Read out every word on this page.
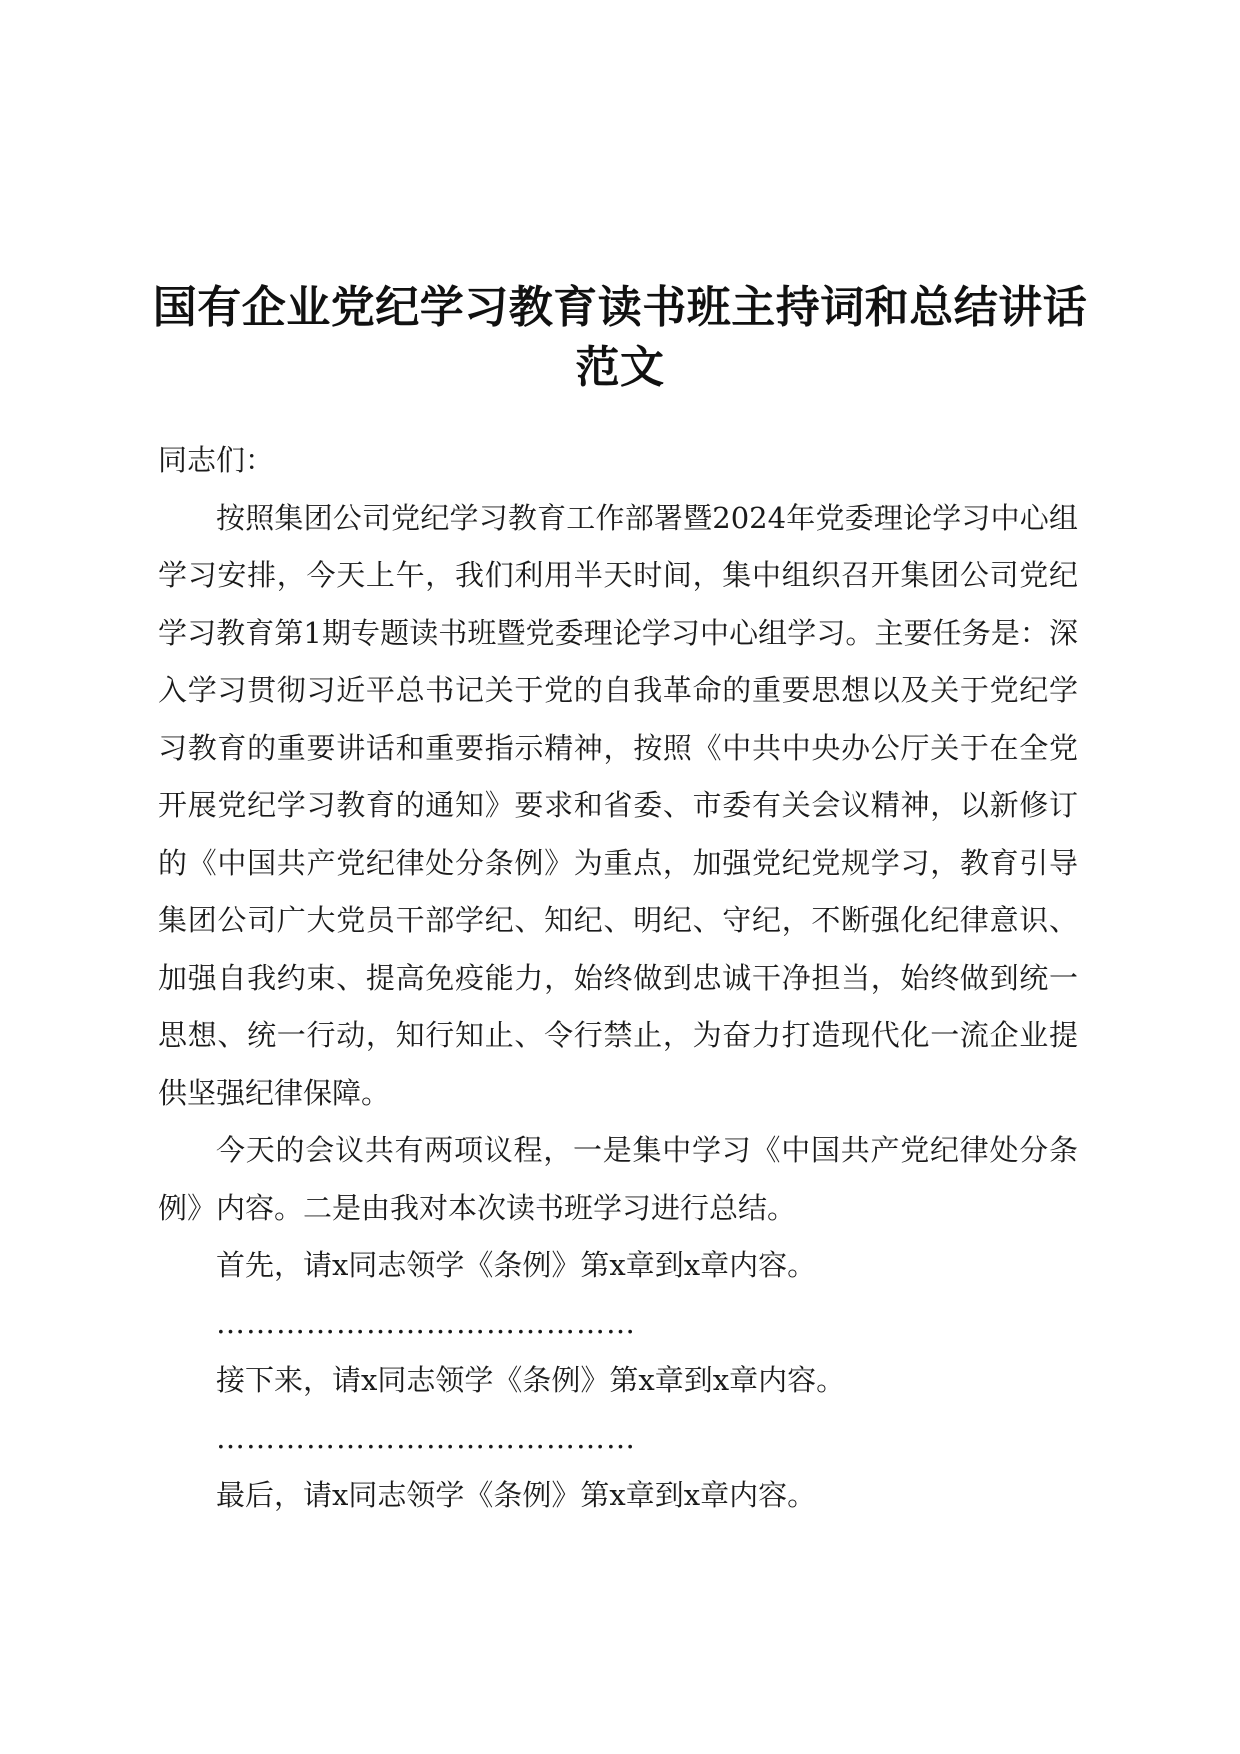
国有企业党纪学习教育读书班主持词和总结讲话范文

同志们：

按照集团公司党纪学习教育工作部署暨2024年党委理论学习中心组学习安排，今天上午，我们利用半天时间，集中组织召开集团公司党纪学习教育第1期专题读书班暨党委理论学习中心组学习。主要任务是：深入学习贯彻习近平总书记关于党的自我革命的重要思想以及关于党纪学习教育的重要讲话和重要指示精神，按照《中共中央办公厅关于在全党开展党纪学习教育的通知》要求和省委、市委有关会议精神，以新修订的《中国共产党纪律处分条例》为重点，加强党纪党规学习，教育引导集团公司广大党员干部学纪、知纪、明纪、守纪，不断强化纪律意识、加强自我约束、提高免疫能力，始终做到忠诚干净担当，始终做到统一思想、统一行动，知行知止、令行禁止，为奋力打造现代化一流企业提供坚强纪律保障。

今天的会议共有两项议程，一是集中学习《中国共产党纪律处分条例》内容。二是由我对本次读书班学习进行总结。

首先，请x同志领学《条例》第x章到x章内容。

……………………………………

接下来，请x同志领学《条例》第x章到x章内容。

……………………………………

最后，请x同志领学《条例》第x章到x章内容。
